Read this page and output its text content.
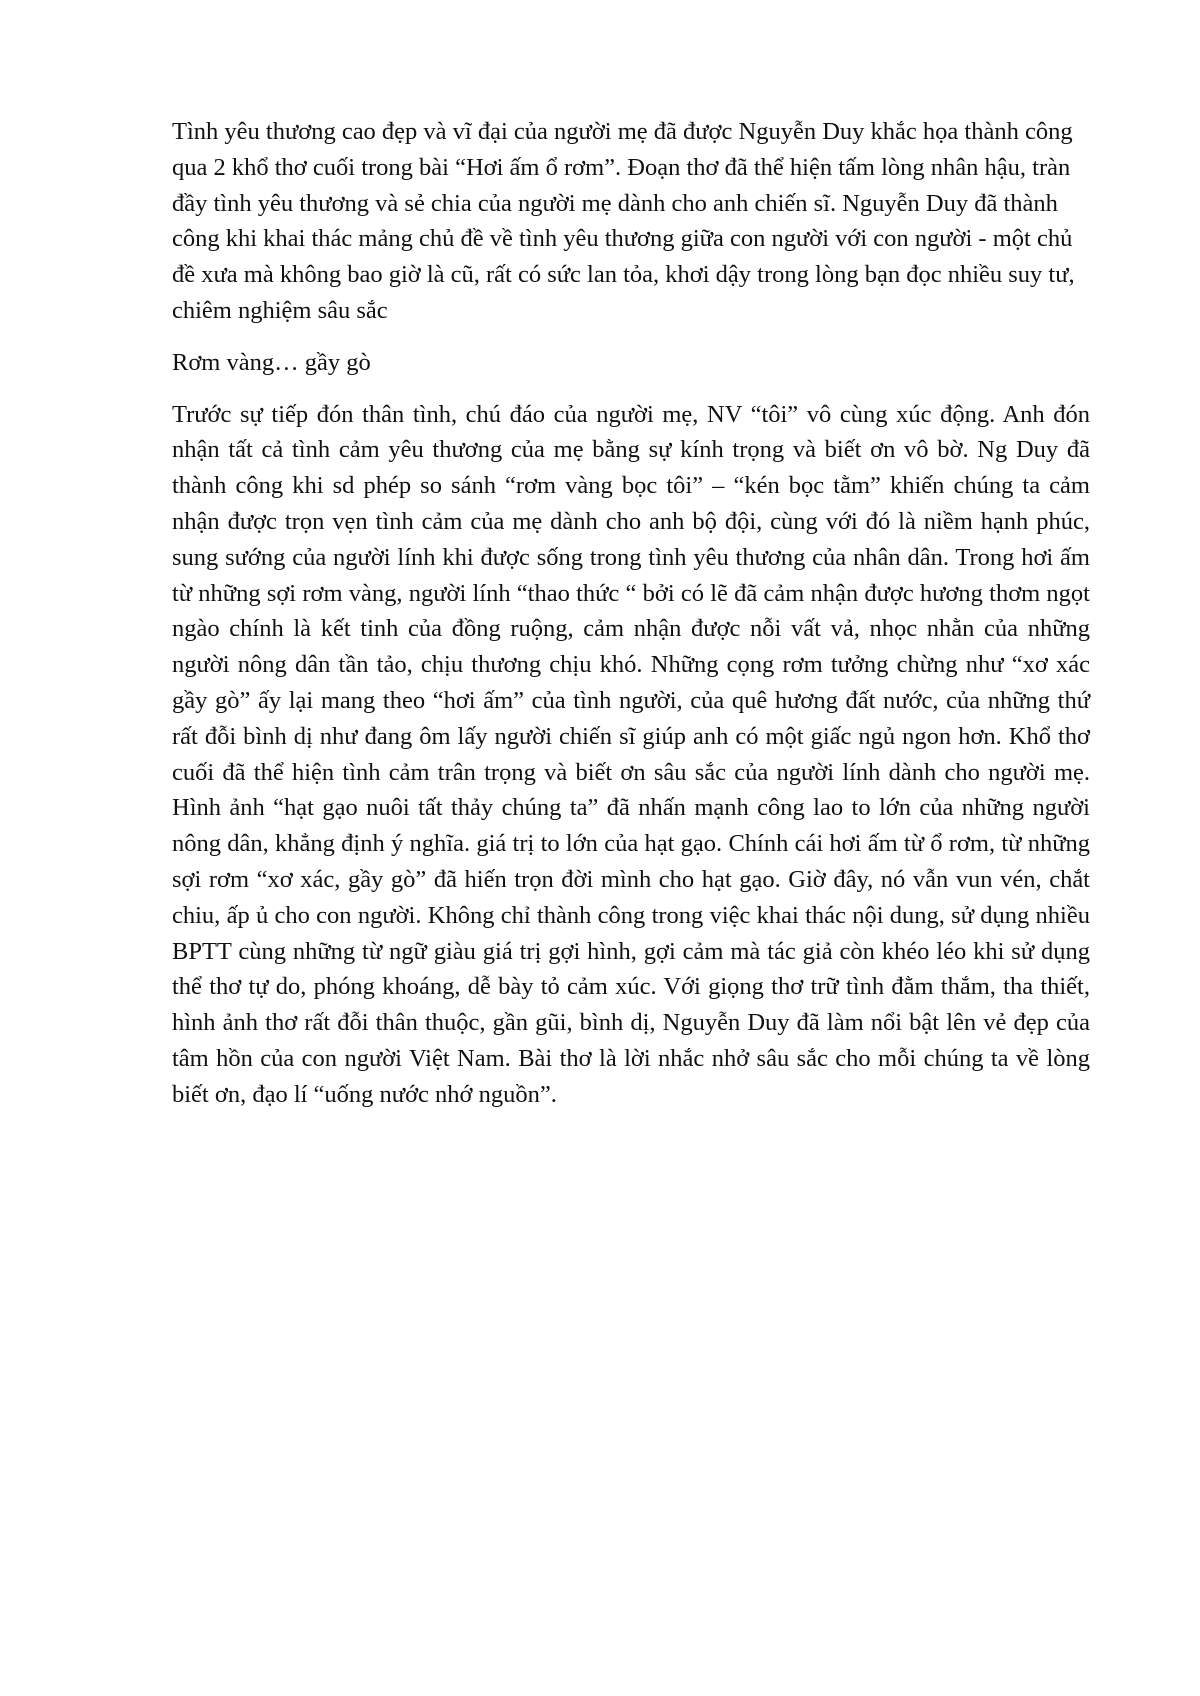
Tình yêu thương cao đẹp và vĩ đại của người mẹ đã được Nguyễn Duy khắc họa thành công qua 2 khổ thơ cuối trong bài “Hơi ấm ổ rơm”. Đoạn thơ đã thể hiện tấm lòng nhân hậu, tràn đầy tình yêu thương và sẻ chia của người mẹ dành cho anh chiến sĩ. Nguyễn Duy đã thành công khi khai thác mảng chủ đề về tình yêu thương giữa con người với con người - một chủ đề xưa mà không bao giờ là cũ, rất có sức lan tỏa, khơi dậy trong lòng bạn đọc nhiều suy tư, chiêm nghiệm sâu sắc

Rơm vàng… gầy gò

Trước sự tiếp đón thân tình, chú đáo của người mẹ, NV “tôi” vô cùng xúc động. Anh đón nhận tất cả tình cảm yêu thương của mẹ bằng sự kính trọng và biết ơn vô bờ. Ng Duy đã thành công khi sd phép so sánh “rơm vàng bọc tôi” – “kén bọc tằm” khiến chúng ta cảm nhận được trọn vẹn tình cảm của mẹ dành cho anh bộ đội, cùng với đó là niềm hạnh phúc, sung sướng của người lính khi được sống trong tình yêu thương của nhân dân. Trong hơi ấm từ những sợi rơm vàng, người lính “thao thức “ bởi có lẽ đã cảm nhận được hương thơm ngọt ngào chính là kết tinh của đồng ruộng, cảm nhận được nỗi vất vả, nhọc nhằn của những người nông dân tần tảo, chịu thương chịu khó. Những cọng rơm tưởng chừng như “xơ xác gầy gò” ấy lại mang theo “hơi ấm” của tình người, của quê hương đất nước, của những thứ rất đỗi bình dị như đang ôm lấy người chiến sĩ giúp anh có một giấc ngủ ngon hơn. Khổ thơ cuối đã thể hiện tình cảm trân trọng và biết ơn sâu sắc của người lính dành cho người mẹ. Hình ảnh “hạt gạo nuôi tất thảy chúng ta” đã nhấn mạnh công lao to lớn của những người nông dân, khẳng định ý nghĩa. giá trị to lớn của hạt gạo. Chính cái hơi ấm từ ổ rơm, từ những sợi rơm “xơ xác, gầy gò” đã hiến trọn đời mình cho hạt gạo. Giờ đây, nó vẫn vun vén, chắt chiu, ấp ủ cho con người. Không chỉ thành công trong việc khai thác nội dung, sử dụng nhiều BPTT cùng những từ ngữ giàu giá trị gợi hình, gợi cảm mà tác giả còn khéo léo khi sử dụng thể thơ tự do, phóng khoáng, dễ bày tỏ cảm xúc. Với giọng thơ trữ tình đằm thắm, tha thiết, hình ảnh thơ rất đỗi thân thuộc, gần gũi, bình dị, Nguyễn Duy đã làm nổi bật lên vẻ đẹp của tâm hồn của con người Việt Nam. Bài thơ là lời nhắc nhở sâu sắc cho mỗi chúng ta về lòng biết ơn, đạo lí “uống nước nhớ nguồn”.
